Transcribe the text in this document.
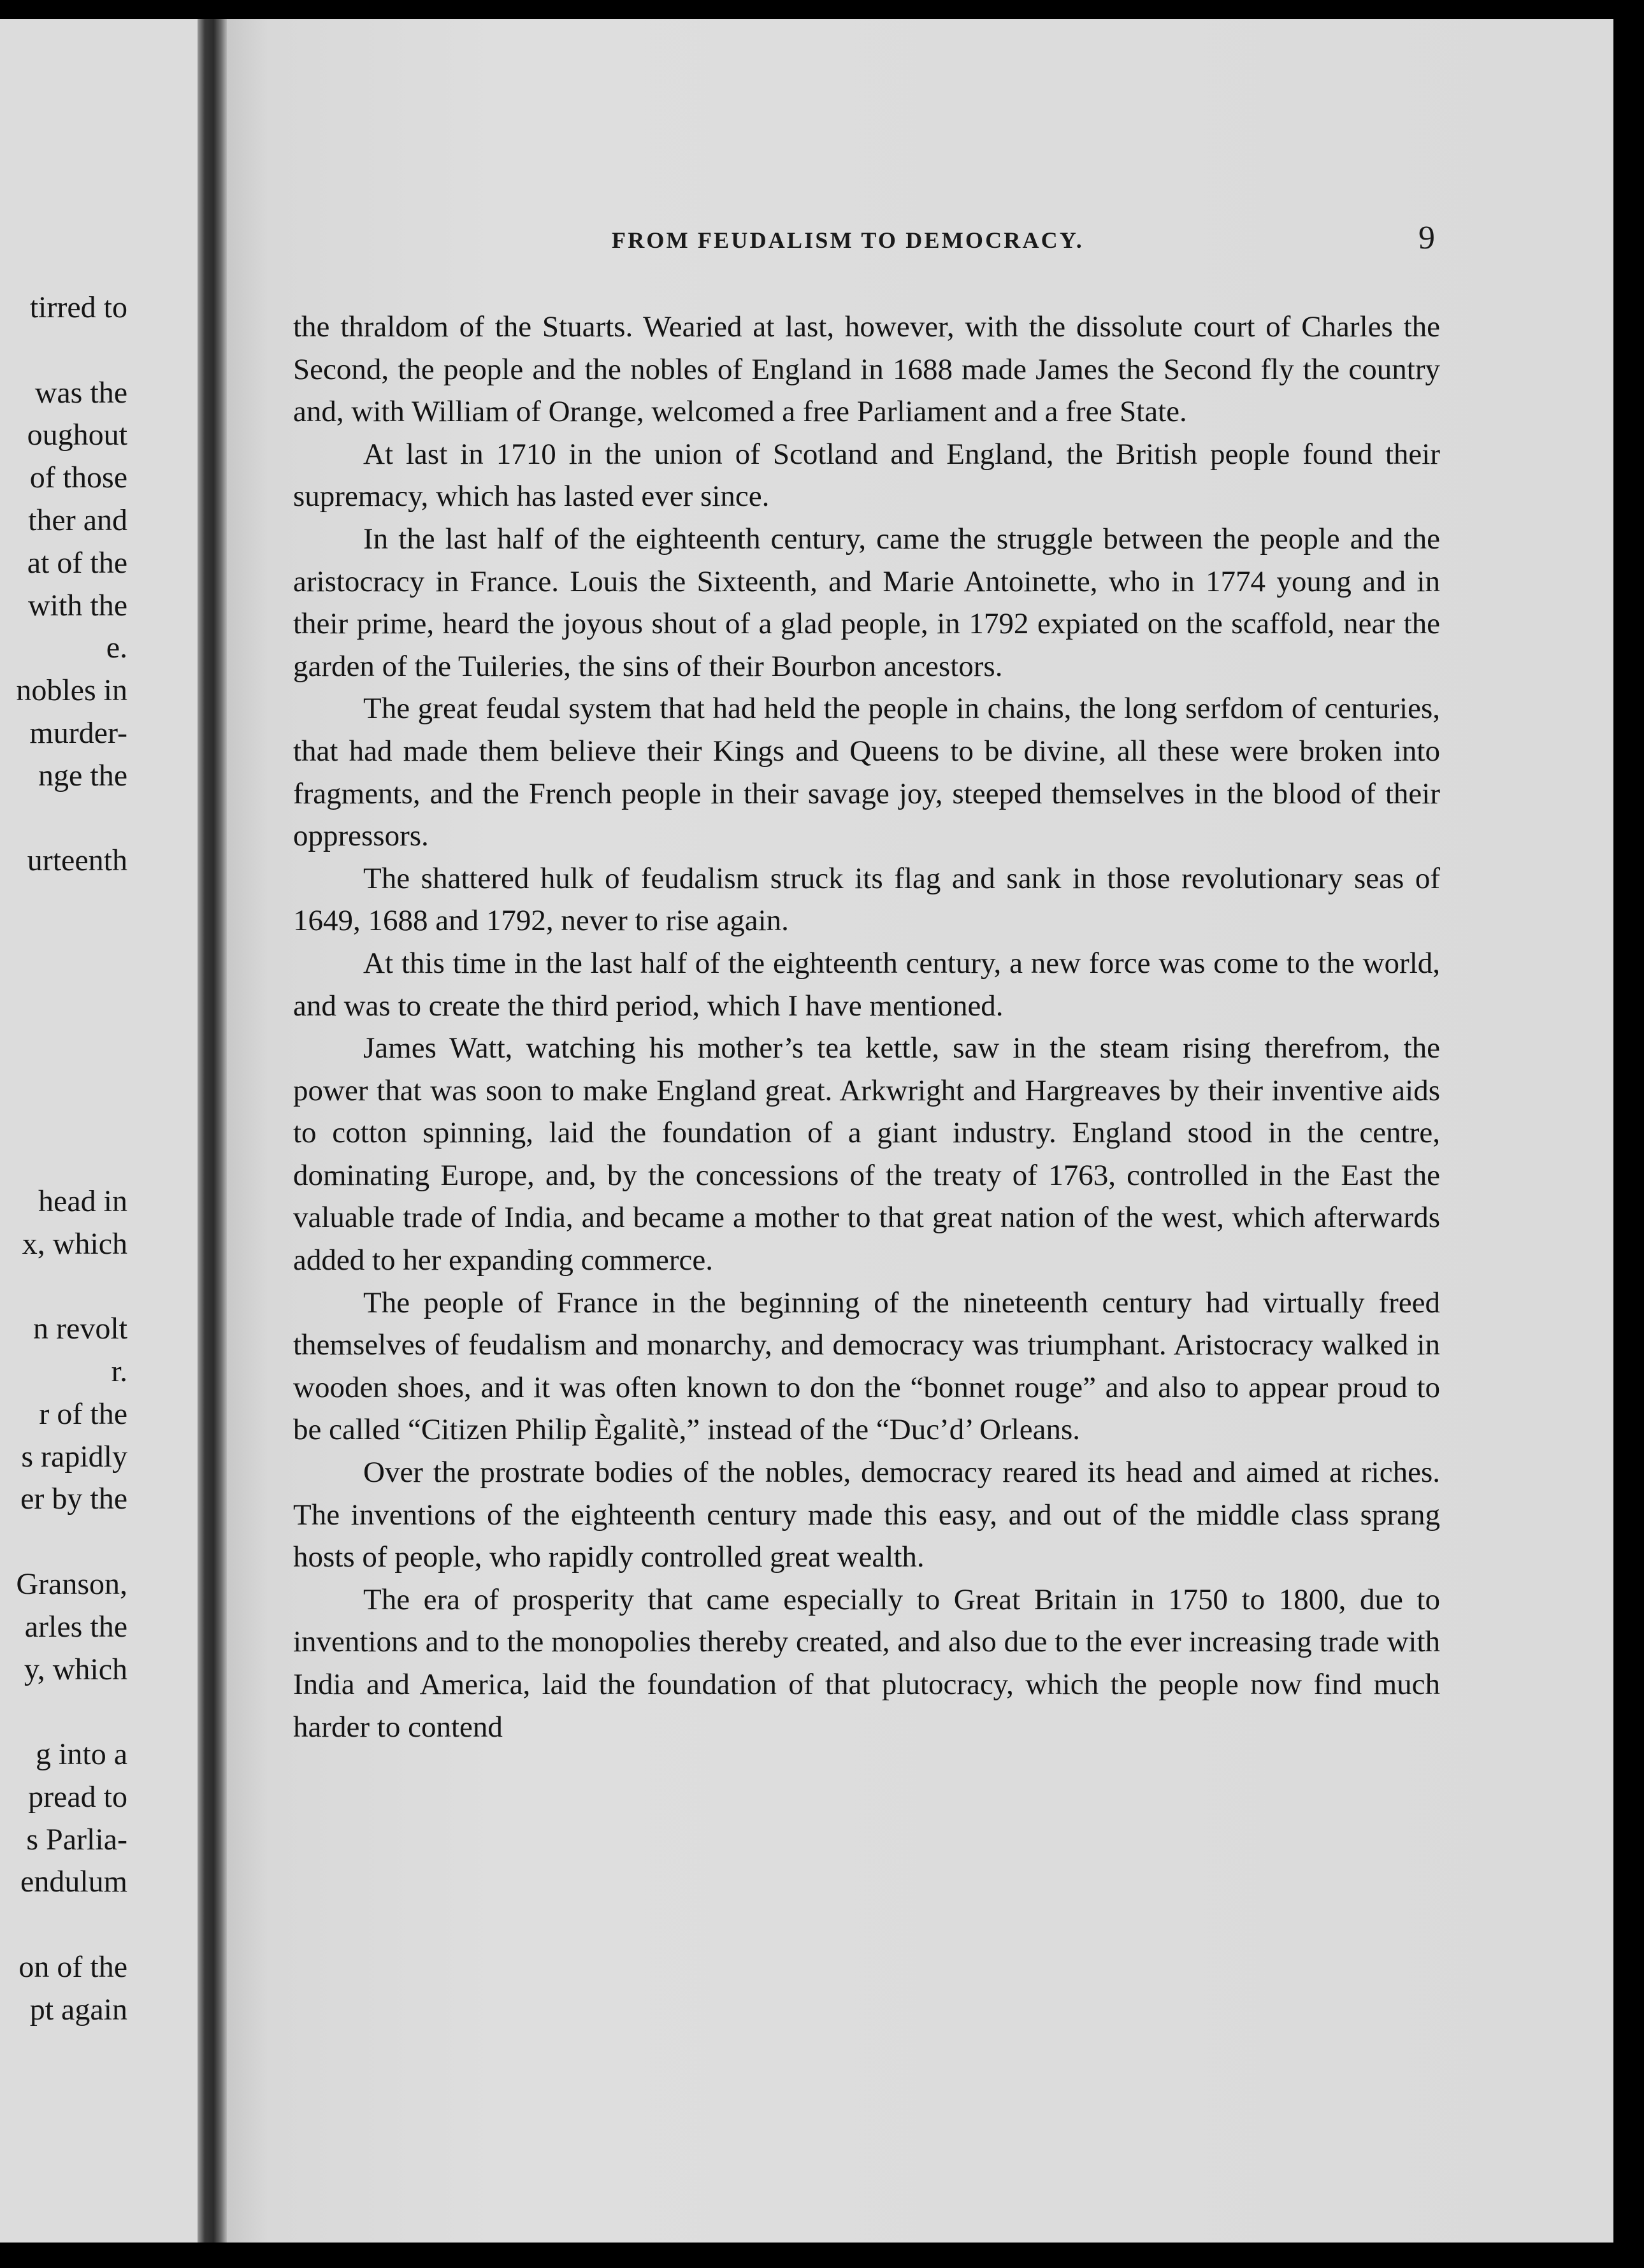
tirred to
was the
oughout
of those
ther and
at of the
with the
e.
nobles in
murder-
nge the
urteenth
head in
x, which
n revolt
r.
r of the
s rapidly
er by the
Granson,
arles the
y, which
g into a
pread to
s Parlia-
endulum
on of the
pt again
FROM FEUDALISM TO DEMOCRACY.	9

the thraldom of the Stuarts. Wearied at last, however, with the dissolute court of Charles the Second, the people and the nobles of England in 1688 made James the Second fly the country and, with William of Orange, welcomed a free Parliament and a free State.

At last in 1710 in the union of Scotland and England, the British people found their supremacy, which has lasted ever since.

In the last half of the eighteenth century, came the struggle between the people and the aristocracy in France. Louis the Sixteenth, and Marie Antoinette, who in 1774 young and in their prime, heard the joyous shout of a glad people, in 1792 expiated on the scaffold, near the garden of the Tuileries, the sins of their Bourbon ancestors.

The great feudal system that had held the people in chains, the long serfdom of centuries, that had made them believe their Kings and Queens to be divine, all these were broken into fragments, and the French people in their savage joy, steeped themselves in the blood of their oppressors.

The shattered hulk of feudalism struck its flag and sank in those revolutionary seas of 1649, 1688 and 1792, never to rise again.

At this time in the last half of the eighteenth century, a new force was come to the world, and was to create the third period, which I have mentioned.

James Watt, watching his mother’s tea kettle, saw in the steam rising therefrom, the power that was soon to make England great. Arkwright and Hargreaves by their inventive aids to cotton spinning, laid the foundation of a giant industry. England stood in the centre, dominating Europe, and, by the concessions of the treaty of 1763, controlled in the East the valuable trade of India, and became a mother to that great nation of the west, which afterwards added to her expanding commerce.

The people of France in the beginning of the nineteenth century had virtually freed themselves of feudalism and monarchy, and democracy was triumphant. Aristocracy walked in wooden shoes, and it was often known to don the “bonnet rouge” and also to appear proud to be called “Citizen Philip Ègalitè,” instead of the “Duc’d’ Orleans.

Over the prostrate bodies of the nobles, democracy reared its head and aimed at riches. The inventions of the eighteenth century made this easy, and out of the middle class sprang hosts of people, who rapidly controlled great wealth.

The era of prosperity that came especially to Great Britain in 1750 to 1800, due to inventions and to the monopolies thereby created, and also due to the ever increasing trade with India and America, laid the foundation of that plutocracy, which the people now find much harder to contend
